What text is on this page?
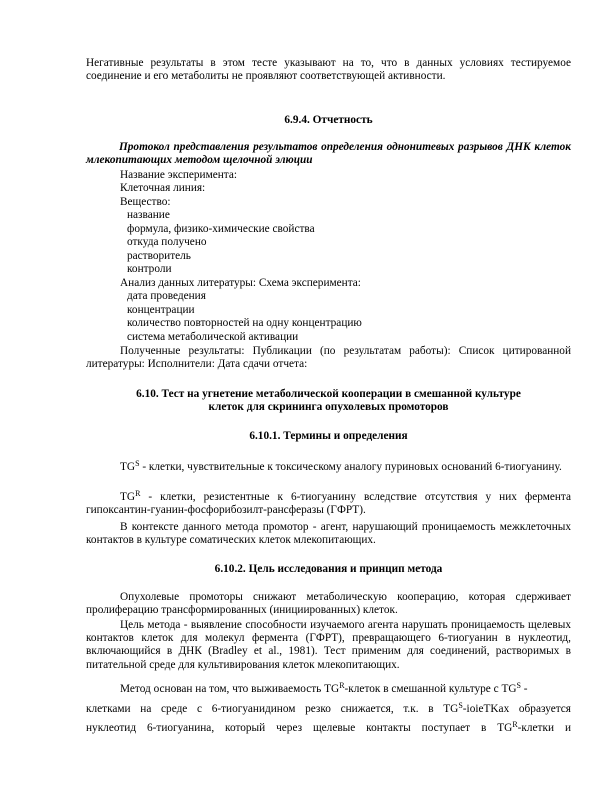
Негативные результаты в этом тесте указывают на то, что в данных условиях тестируемое соединение и его метаболиты не проявляют соответствующей активности.

6.9.4. Отчетность

Протокол представления результатов определения однонитевых разрывов ДНК клеток млекопитающих методом щелочной элюции

Название эксперимента:

Клеточная линия:

Вещество:

название

формула, физико-химические свойства

откуда получено

растворитель

контроли

Анализ данных литературы: Схема эксперимента:

дата проведения

концентрации

количество повторностей на одну концентрацию

система метаболической активации

Полученные результаты: Публикации (по результатам работы): Список цитированной литературы: Исполнители: Дата сдачи отчета:

6.10. Тест на угнетение метаболической кооперации в смешанной культуре клеток для скрининга опухолевых промоторов

6.10.1. Термины и определения

$TG^S$ - клетки, чувствительные к токсическому аналогу пуриновых оснований 6-тиогуанину.

$TG^R$ - клетки, резистентные к 6-тиогуанину вследствие отсутствия у них фермента гипоксантин-гуанин-фосфорибозилт-рансферазы (ГФРТ).

В контексте данного метода промотор - агент, нарушающий проницаемость межклеточных контактов в культуре соматических клеток млекопитающих.

6.10.2. Цель исследования и принцип метода

Опухолевые промоторы снижают метаболическую кооперацию, которая сдерживает пролиферацию трансформированных (инициированных) клеток.

Цель метода - выявление способности изучаемого агента нарушать проницаемость щелевых контактов клеток для молекул фермента (ГФРТ), превращающего 6-тиогуанин в нуклеотид, включающийся в ДНК (Bradley et al., 1981). Тест применим для соединений, растворимых в питательной среде для культивирования клеток млекопитающих.

Метод основан на том, что выживаемость $TG^R$-клеток в смешанной культуре с $TG^S$ -

клетками на среде с 6-тиогуанидином резко снижается, т.к. в $TG^S$-ioieTKax образуется

нуклеотид 6-тиогуанина, который через щелевые контакты поступает в $TG^R$-клетки и
